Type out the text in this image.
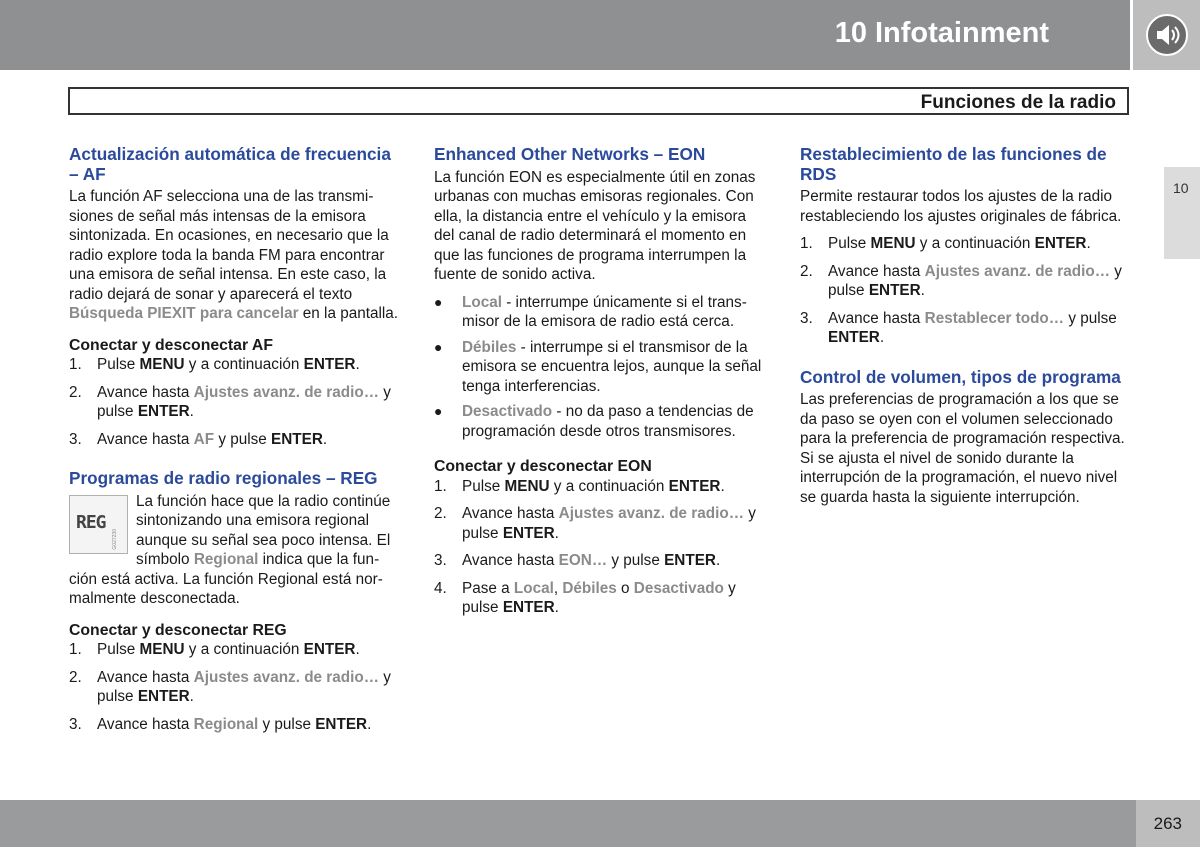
10 Infotainment
Funciones de la radio
10
Actualización automática de frecuencia – AF

La función AF selecciona una de las transmisiones de señal más intensas de la emisora sintonizada. En ocasiones, en necesario que la radio explore toda la banda FM para encontrar una emisora de señal intensa. En este caso, la radio dejará de sonar y aparecerá el texto Búsqueda PIEXIT para cancelar en la pantalla.

Conectar y desconectar AF
1. Pulse MENU y a continuación ENTER.
2. Avance hasta Ajustes avanz. de radio… y pulse ENTER.
3. Avance hasta AF y pulse ENTER.
Programas de radio regionales – REG

REG
G027230
La función hace que la radio continúe sintonizando una emisora regional aunque su señal sea poco intensa. El símbolo Regional indica que la función está activa. La función Regional está normalmente desconectada.

Conectar y desconectar REG
1. Pulse MENU y a continuación ENTER.
2. Avance hasta Ajustes avanz. de radio… y pulse ENTER.
3. Avance hasta Regional y pulse ENTER.
Enhanced Other Networks – EON

La función EON es especialmente útil en zonas urbanas con muchas emisoras regionales. Con ella, la distancia entre el vehículo y la emisora del canal de radio determinará el momento en que las funciones de programa interrumpen la fuente de sonido activa.

●	Local - interrumpe únicamente si el transmisor de la emisora de radio está cerca.
●	Débiles - interrumpe si el transmisor de la emisora se encuentra lejos, aunque la señal tenga interferencias.
●	Desactivado - no da paso a tendencias de programación desde otros transmisores.
Conectar y desconectar EON
1. Pulse MENU y a continuación ENTER.
2. Avance hasta Ajustes avanz. de radio… y pulse ENTER.
3. Avance hasta EON… y pulse ENTER.
4. Pase a Local, Débiles o Desactivado y pulse ENTER.
Restablecimiento de las funciones de RDS

Permite restaurar todos los ajustes de la radio restableciendo los ajustes originales de fábrica.

1. Pulse MENU y a continuación ENTER.
2. Avance hasta Ajustes avanz. de radio… y pulse ENTER.
3. Avance hasta Restablecer todo… y pulse ENTER.
Control de volumen, tipos de programa

Las preferencias de programación a los que se da paso se oyen con el volumen seleccionado para la preferencia de programación respectiva. Si se ajusta el nivel de sonido durante la interrupción de la programación, el nuevo nivel se guarda hasta la siguiente interrupción.

263
